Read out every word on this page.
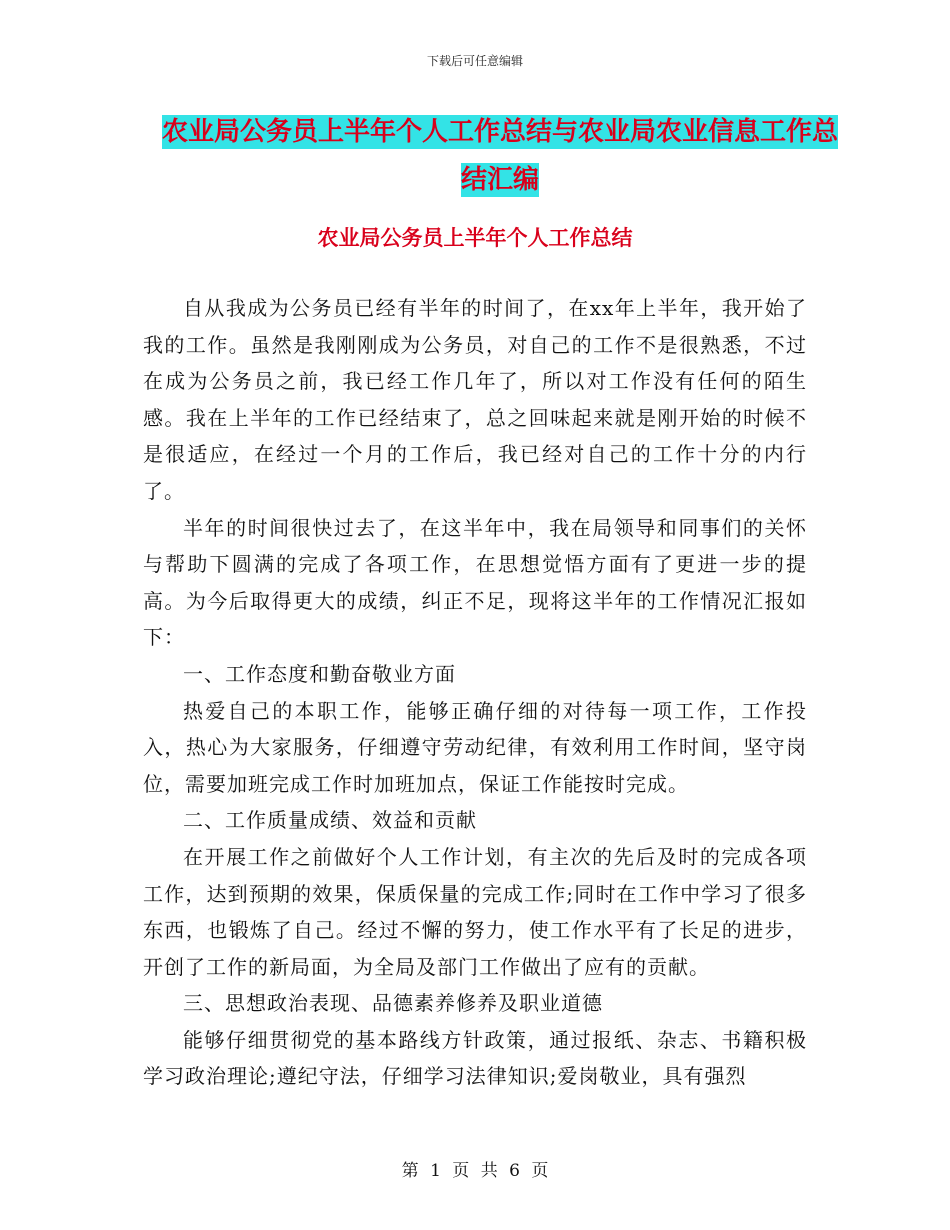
下载后可任意编辑
农业局公务员上半年个人工作总结与农业局农业信息工作总结汇编
农业局公务员上半年个人工作总结

自从我成为公务员已经有半年的时间了，在xx年上半年，我开始了我的工作。虽然是我刚刚成为公务员，对自己的工作不是很熟悉，不过在成为公务员之前，我已经工作几年了，所以对工作没有任何的陌生感。我在上半年的工作已经结束了，总之回味起来就是刚开始的时候不是很适应，在经过一个月的工作后，我已经对自己的工作十分的内行了。

半年的时间很快过去了，在这半年中，我在局领导和同事们的关怀与帮助下圆满的完成了各项工作，在思想觉悟方面有了更进一步的提高。为今后取得更大的成绩，纠正不足，现将这半年的工作情况汇报如下：

一、工作态度和勤奋敬业方面

热爱自己的本职工作，能够正确仔细的对待每一项工作，工作投入，热心为大家服务，仔细遵守劳动纪律，有效利用工作时间，坚守岗位，需要加班完成工作时加班加点，保证工作能按时完成。

二、工作质量成绩、效益和贡献

在开展工作之前做好个人工作计划，有主次的先后及时的完成各项工作，达到预期的效果，保质保量的完成工作;同时在工作中学习了很多东西，也锻炼了自己。经过不懈的努力，使工作水平有了长足的进步，开创了工作的新局面，为全局及部门工作做出了应有的贡献。

三、思想政治表现、品德素养修养及职业道德

能够仔细贯彻党的基本路线方针政策，通过报纸、杂志、书籍积极学习政治理论;遵纪守法，仔细学习法律知识;爱岗敬业，具有强烈

第 1 页 共 6 页
